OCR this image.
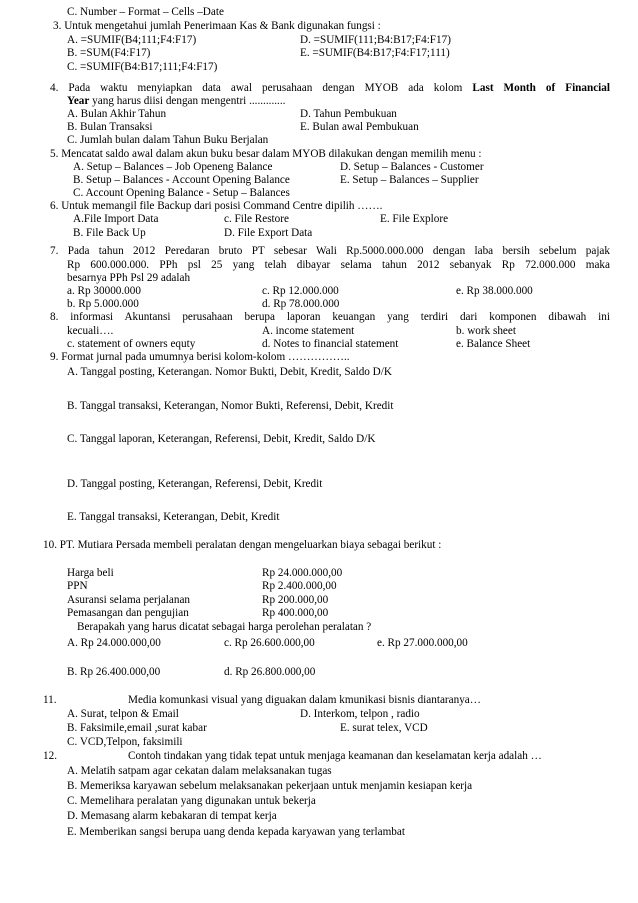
C. Number – Format – Cells –Date
3. Untuk mengetahui jumlah Penerimaan Kas & Bank digunakan fungsi :
A. =SUMIF(B4;111;F4:F17)	D. =SUMIF(111;B4:B17;F4:F17)
B. =SUM(F4:F17)	E. =SUMIF(B4:B17;F4:F17;111)
C. =SUMIF(B4:B17;111;F4:F17)
4. Pada waktu menyiapkan data awal perusahaan dengan MYOB ada kolom Last Month of Financial
Year yang harus diisi dengan mengentri .............
A. Bulan Akhir Tahun	D. Tahun Pembukuan
B. Bulan Transaksi	E. Bulan awal Pembukuan
C. Jumlah bulan dalam Tahun Buku Berjalan
5. Mencatat saldo awal dalam akun buku besar dalam MYOB dilakukan dengan memilih menu :
A. Setup – Balances – Job Openeng Balance	D. Setup – Balances - Customer
B. Setup – Balances - Account Opening Balance	E. Setup – Balances – Supplier
C. Account Opening Balance - Setup – Balances
6. Untuk memangil file Backup dari posisi Command Centre dipilih …….
A.File Import Data	c. File Restore	E. File Explore
B. File Back Up	D. File Export Data
7. Pada tahun 2012 Peredaran bruto PT sebesar Wali Rp.5000.000.000 dengan laba bersih sebelum pajak
Rp 600.000.000. PPh psl 25 yang telah dibayar selama tahun 2012 sebanyak Rp 72.000.000 maka
besarnya PPh Psl 29 adalah
a. Rp 30000.000	c. Rp 12.000.000	e. Rp 38.000.000
b. Rp 5.000.000	d. Rp 78.000.000
8. informasi Akuntansi perusahaan berupa laporan keuangan yang terdiri dari komponen dibawah ini
kecuali….	A. income statement	b. work sheet
c. statement of owners equty	d. Notes to financial statement	e. Balance Sheet
9. Format jurnal pada umumnya berisi kolom-kolom ……………..
A. Tanggal posting, Keterangan. Nomor Bukti, Debit, Kredit, Saldo D/K
B. Tanggal transaksi, Keterangan, Nomor Bukti, Referensi, Debit, Kredit
C. Tanggal laporan, Keterangan, Referensi, Debit, Kredit, Saldo D/K
D. Tanggal posting, Keterangan, Referensi, Debit, Kredit
E. Tanggal transaksi, Keterangan, Debit, Kredit
10. PT. Mutiara Persada membeli peralatan dengan mengeluarkan biaya sebagai berikut :
Harga beli	Rp 24.000.000,00
PPN	Rp 2.400.000,00
Asuransi selama perjalanan	Rp 200.000,00
Pemasangan dan pengujian	Rp 400.000,00
Berapakah yang harus dicatat sebagai harga perolehan peralatan ?
A. Rp 24.000.000,00	c. Rp 26.600.000,00	e. Rp 27.000.000,00
B. Rp 26.400.000,00	d. Rp 26.800.000,00
11.	Media komunkasi visual yang diguakan dalam kmunikasi bisnis diantaranya…
A. Surat, telpon & Email	D. Interkom, telpon , radio
B. Faksimile,email ,surat kabar	E. surat telex, VCD
C. VCD,Telpon, faksimili
12.	Contoh tindakan yang tidak tepat untuk menjaga keamanan dan keselamatan kerja adalah …
A. Melatih satpam agar cekatan dalam melaksanakan tugas
B. Memeriksa karyawan sebelum melaksanakan pekerjaan untuk menjamin kesiapan kerja
C. Memelihara peralatan yang digunakan untuk bekerja
D. Memasang alarm kebakaran di tempat kerja
E. Memberikan sangsi berupa uang denda kepada karyawan yang terlambat
